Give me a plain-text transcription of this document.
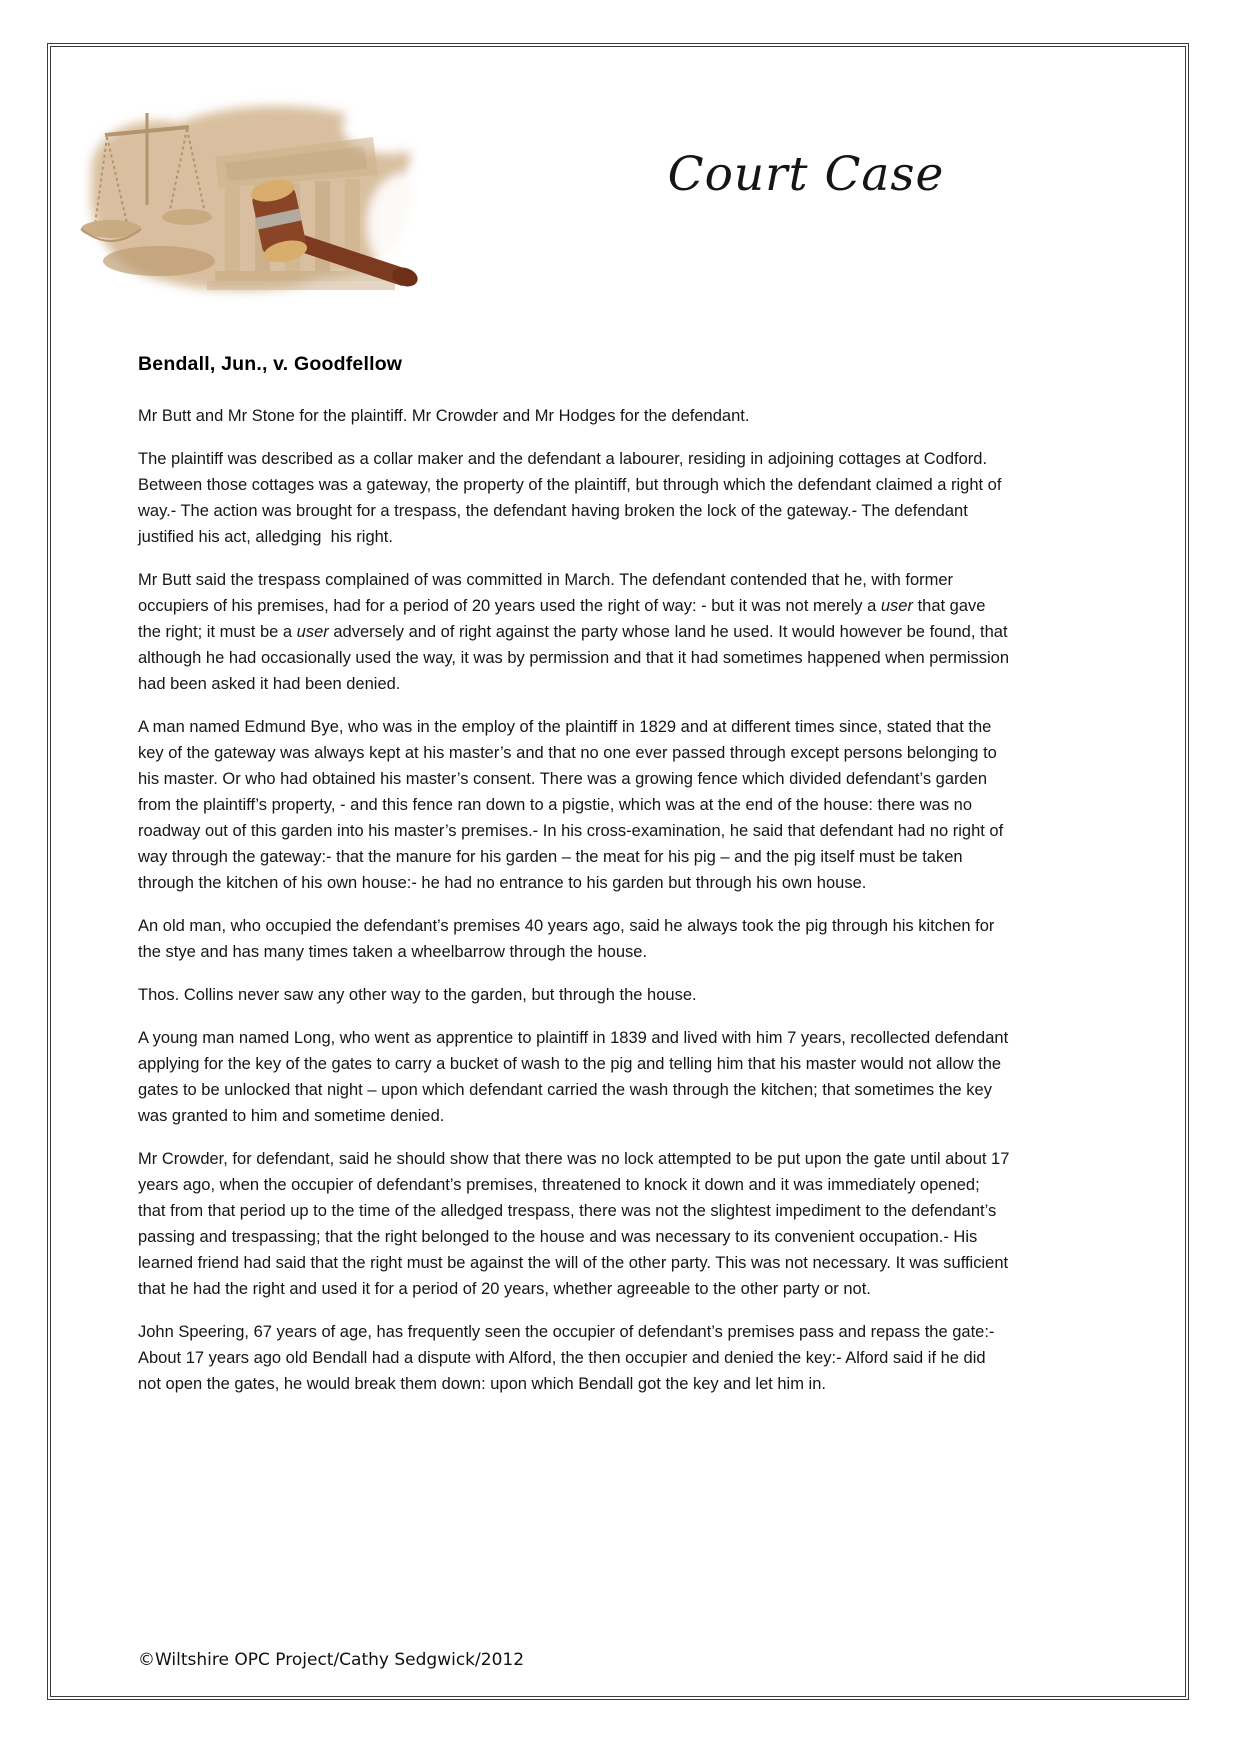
Court Case
Bendall, Jun., v. Goodfellow

Mr Butt and Mr Stone for the plaintiff. Mr Crowder and Mr Hodges for the defendant.

The plaintiff was described as a collar maker and the defendant a labourer, residing in adjoining cottages at Codford. Between those cottages was a gateway, the property of the plaintiff, but through which the defendant claimed a right of way.- The action was brought for a trespass, the defendant having broken the lock of the gateway.- The defendant justified his act, alledging  his right.

Mr Butt said the trespass complained of was committed in March. The defendant contended that he, with former occupiers of his premises, had for a period of 20 years used the right of way: - but it was not merely a user that gave the right; it must be a user adversely and of right against the party whose land he used. It would however be found, that although he had occasionally used the way, it was by permission and that it had sometimes happened when permission had been asked it had been denied.

A man named Edmund Bye, who was in the employ of the plaintiff in 1829 and at different times since, stated that the key of the gateway was always kept at his master’s and that no one ever passed through except persons belonging to his master. Or who had obtained his master’s consent. There was a growing fence which divided defendant’s garden from the plaintiff’s property, - and this fence ran down to a pigstie, which was at the end of the house: there was no roadway out of this garden into his master’s premises.- In his cross-examination, he said that defendant had no right of way through the gateway:- that the manure for his garden – the meat for his pig – and the pig itself must be taken through the kitchen of his own house:- he had no entrance to his garden but through his own house.

An old man, who occupied the defendant’s premises 40 years ago, said he always took the pig through his kitchen for the stye and has many times taken a wheelbarrow through the house.

Thos. Collins never saw any other way to the garden, but through the house.

A young man named Long, who went as apprentice to plaintiff in 1839 and lived with him 7 years, recollected defendant applying for the key of the gates to carry a bucket of wash to the pig and telling him that his master would not allow the gates to be unlocked that night – upon which defendant carried the wash through the kitchen; that sometimes the key was granted to him and sometime denied.

Mr Crowder, for defendant, said he should show that there was no lock attempted to be put upon the gate until about 17 years ago, when the occupier of defendant’s premises, threatened to knock it down and it was immediately opened; that from that period up to the time of the alledged trespass, there was not the slightest impediment to the defendant’s passing and trespassing; that the right belonged to the house and was necessary to its convenient occupation.- His learned friend had said that the right must be against the will of the other party. This was not necessary. It was sufficient that he had the right and used it for a period of 20 years, whether agreeable to the other party or not.

John Speering, 67 years of age, has frequently seen the occupier of defendant’s premises pass and repass the gate:- About 17 years ago old Bendall had a dispute with Alford, the then occupier and denied the key:- Alford said if he did not open the gates, he would break them down: upon which Bendall got the key and let him in.

©Wiltshire OPC Project/Cathy Sedgwick/2012
